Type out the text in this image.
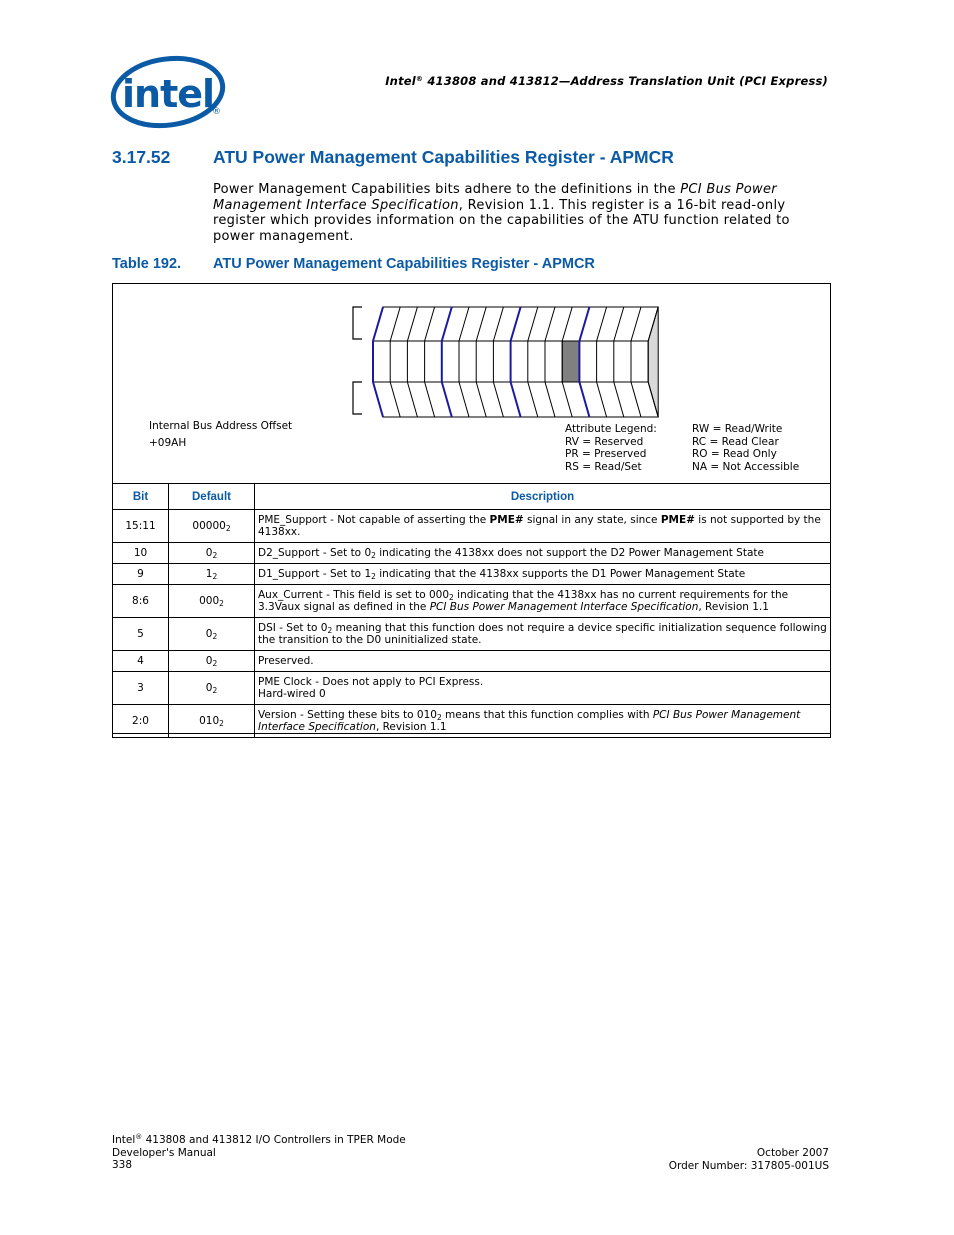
intel
®
Intel® 413808 and 413812—Address Translation Unit (PCI Express)
3.17.52 ATU Power Management Capabilities Register - APMCR
Power Management Capabilities bits adhere to the definitions in the PCI Bus Power Management Interface Specification, Revision 1.1. This register is a 16-bit read-only register which provides information on the capabilities of the ATU function related to power management.
Table 192. ATU Power Management Capabilities Register - APMCR
Internal Bus Address Offset
+09AH
Attribute Legend:
RV = Reserved
PR = Preserved
RS = Read/Set
RW = Read/Write
RC = Read Clear
RO = Read Only
NA = Not Accessible
Bit	Default	Description
15:11	$00000_2$	PME_Support - Not capable of asserting the PME# signal in any state, since PME# is not supported by the 4138xx.
10	$0_2$	D2_Support - Set to $0_2$ indicating the 4138xx does not support the D2 Power Management State
9	$1_2$	D1_Support - Set to $1_2$ indicating that the 4138xx supports the D1 Power Management State
8:6	$000_2$	Aux_Current - This field is set to $000_2$ indicating that the 4138xx has no current requirements for the 3.3Vaux signal as defined in the PCI Bus Power Management Interface Specification, Revision 1.1
5	$0_2$	DSI - Set to $0_2$ meaning that this function does not require a device specific initialization sequence following the transition to the D0 uninitialized state.
4	$0_2$	Preserved.
3	$0_2$	PME Clock - Does not apply to PCI Express.
Hard-wired 0

2:0	$010_2$	Version - Setting these bits to $010_2$ means that this function complies with PCI Bus Power Management Interface Specification, Revision 1.1
Intel® 413808 and 413812 I/O Controllers in TPER Mode
Developer's Manual
338
October 2007
Order Number: 317805-001US
